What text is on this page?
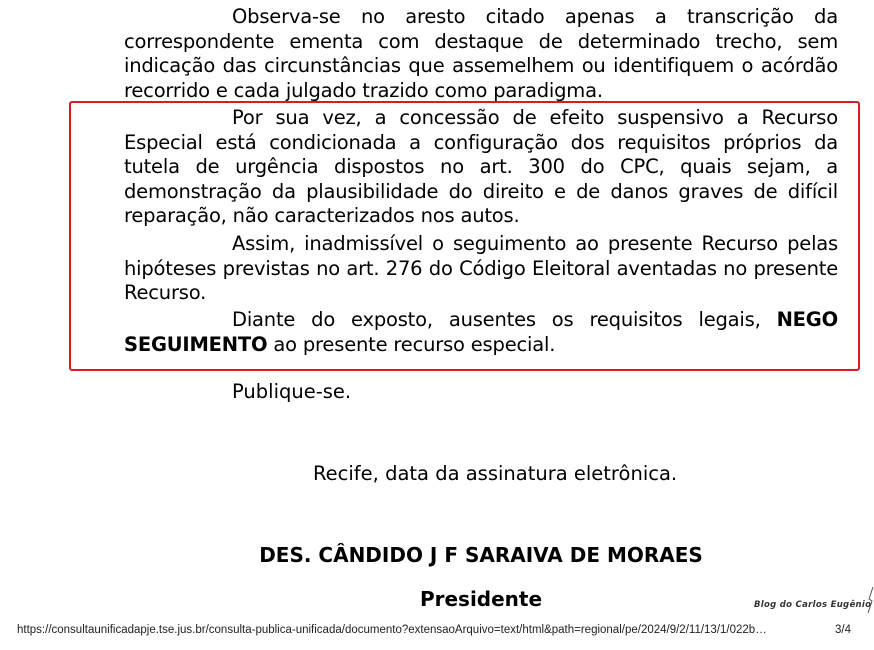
Observa-se no aresto citado apenas a transcrição da correspondente ementa com destaque de determinado trecho, sem indicação das circunstâncias que assemelhem ou identifiquem o acórdão recorrido e cada julgado trazido como paradigma.

Por sua vez, a concessão de efeito suspensivo a Recurso Especial está condicionada a configuração dos requisitos próprios da tutela de urgência dispostos no art. 300 do CPC, quais sejam, a demonstração da plausibilidade do direito e de danos graves de difícil reparação, não caracterizados nos autos.

Assim, inadmissível o seguimento ao presente Recurso pelas hipóteses previstas no art. 276 do Código Eleitoral aventadas no presente Recurso.

Diante do exposto, ausentes os requisitos legais, NEGO SEGUIMENTO ao presente recurso especial.

Publique-se.
Recife, data da assinatura eletrônica.
DES. CÂNDIDO J F SARAIVA DE MORAES
Presidente	Blog do Carlos Eugênio
https://consultaunificadapje.tse.jus.br/consulta-publica-unificada/documento?extensaoArquivo=text/html&path=regional/pe/2024/9/2/11/13/1/022b…	3/4
